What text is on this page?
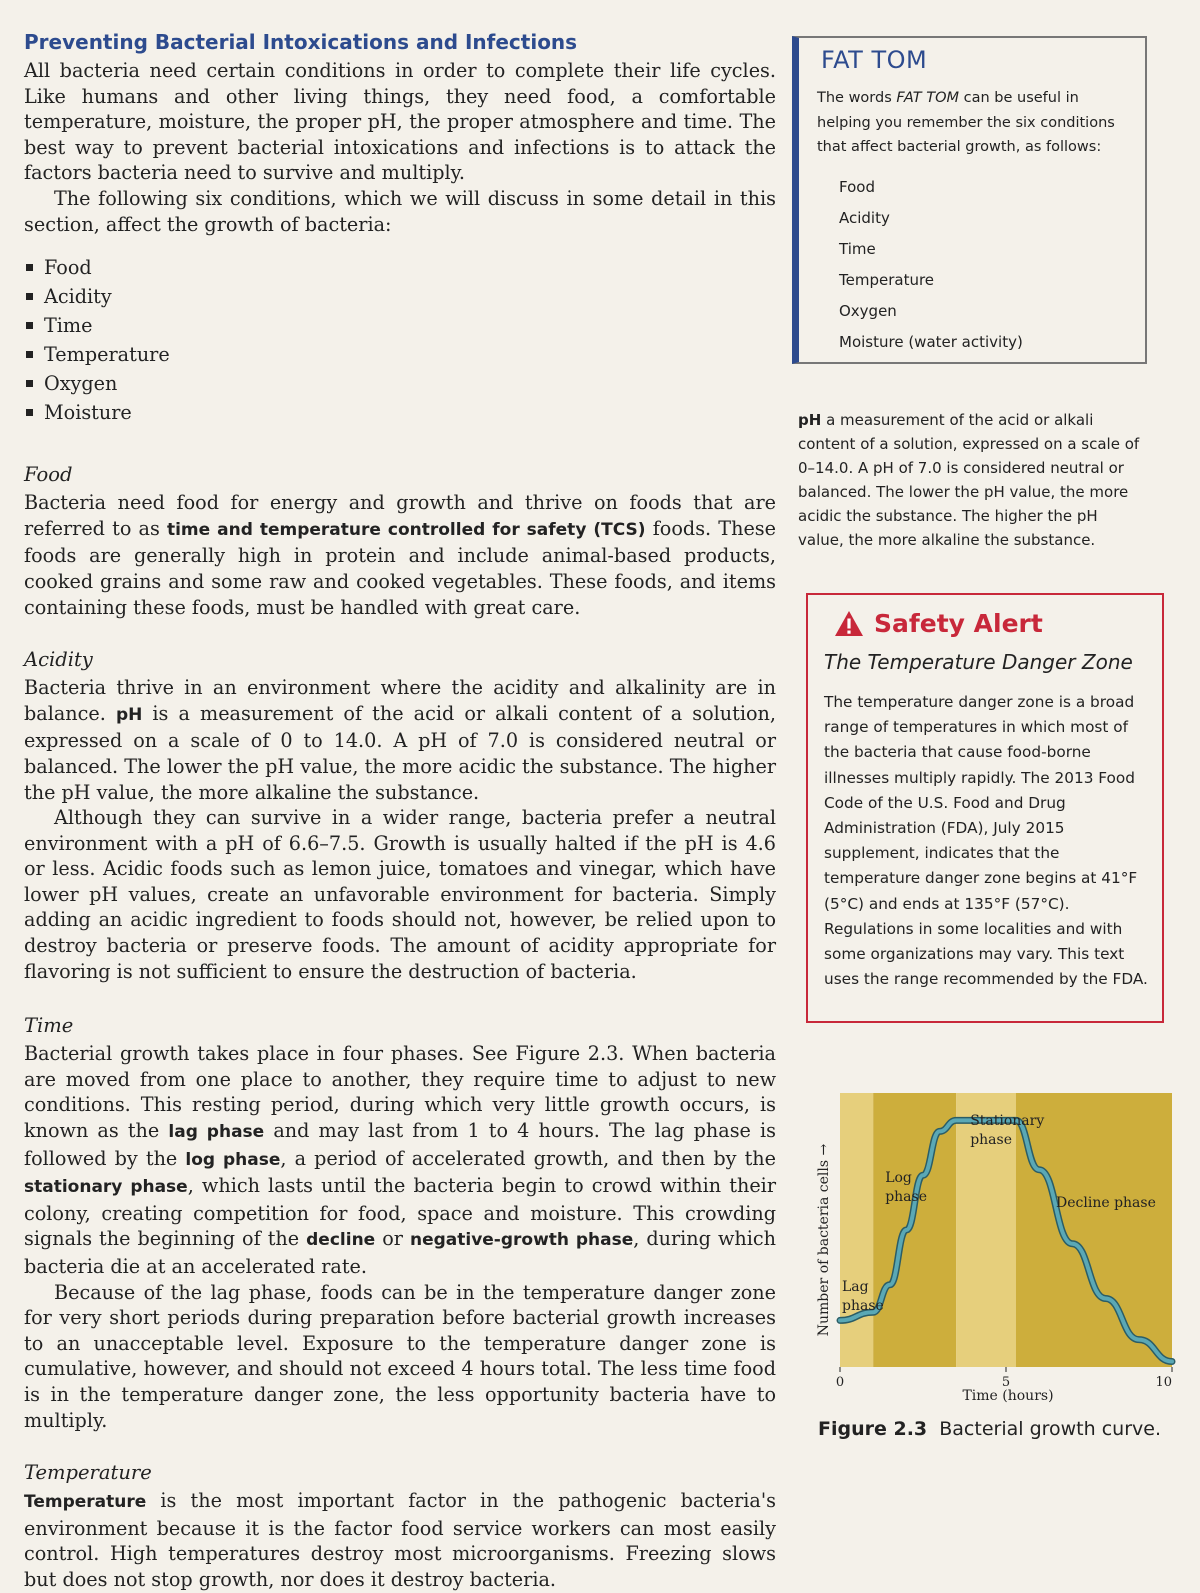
Preventing Bacterial Intoxications and Infections

All bacteria need certain conditions in order to complete their life cycles. Like humans and other living things, they need food, a comfortable temperature, moisture, the proper pH, the proper atmosphere and time. The best way to prevent bacterial intoxications and infections is to attack the factors bacteria need to survive and multiply.

The following six conditions, which we will discuss in some detail in this section, affect the growth of bacteria:

Food
Acidity
Time
Temperature
Oxygen
Moisture
Food

Bacteria need food for energy and growth and thrive on foods that are referred to as time and temperature controlled for safety (TCS) foods. These foods are generally high in protein and include animal-based products, cooked grains and some raw and cooked vegetables. These foods, and items containing these foods, must be handled with great care.

Acidity

Bacteria thrive in an environment where the acidity and alkalinity are in balance. pH is a measurement of the acid or alkali content of a solution, expressed on a scale of 0 to 14.0. A pH of 7.0 is considered neutral or balanced. The lower the pH value, the more acidic the substance. The higher the pH value, the more alkaline the substance.

Although they can survive in a wider range, bacteria prefer a neutral environment with a pH of 6.6–7.5. Growth is usually halted if the pH is 4.6 or less. Acidic foods such as lemon juice, tomatoes and vinegar, which have lower pH values, create an unfavorable environment for bacteria. Simply adding an acidic ingredient to foods should not, however, be relied upon to destroy bacteria or preserve foods. The amount of acidity appropriate for flavoring is not sufficient to ensure the destruction of bacteria.

Time

Bacterial growth takes place in four phases. See Figure 2.3. When bacteria are moved from one place to another, they require time to adjust to new conditions. This resting period, during which very little growth occurs, is known as the lag phase and may last from 1 to 4 hours. The lag phase is followed by the log phase, a period of accelerated growth, and then by the stationary phase, which lasts until the bacteria begin to crowd within their colony, creating competition for food, space and moisture. This crowding signals the beginning of the decline or negative-growth phase, during which bacteria die at an accelerated rate.

Because of the lag phase, foods can be in the temperature danger zone for very short periods during preparation before bacterial growth increases to an unacceptable level. Exposure to the temperature danger zone is cumulative, however, and should not exceed 4 hours total. The less time food is in the temperature danger zone, the less opportunity bacteria have to multiply.

Temperature

Temperature is the most important factor in the pathogenic bacteria's environment because it is the factor food service workers can most easily control. High temperatures destroy most microorganisms. Freezing slows but does not stop growth, nor does it destroy bacteria.

FAT TOM

The words FAT TOM can be useful in helping you remember the six conditions that affect bacterial growth, as follows:

Food
Acidity
Time
Temperature
Oxygen
Moisture (water activity)
pH a measurement of the acid or alkali content of a solution, expressed on a scale of 0–14.0. A pH of 7.0 is considered neutral or balanced. The lower the pH value, the more acidic the substance. The higher the pH value, the more alkaline the substance.
Safety Alert
The Temperature Danger Zone
The temperature danger zone is a broad range of temperatures in which most of the bacteria that cause food-borne illnesses multiply rapidly. The 2013 Food Code of the U.S. Food and Drug Administration (FDA), July 2015 supplement, indicates that the temperature danger zone begins at 41°F (5°C) and ends at 135°F (57°C). Regulations in some localities and with some organizations may vary. This text uses the range recommended by the FDA.
Number of bacteria cells → Lag phase
Log phase
Stationary phase
Decline phase
0	5	10
Time (hours)
Figure 2.3 Bacterial growth curve.
